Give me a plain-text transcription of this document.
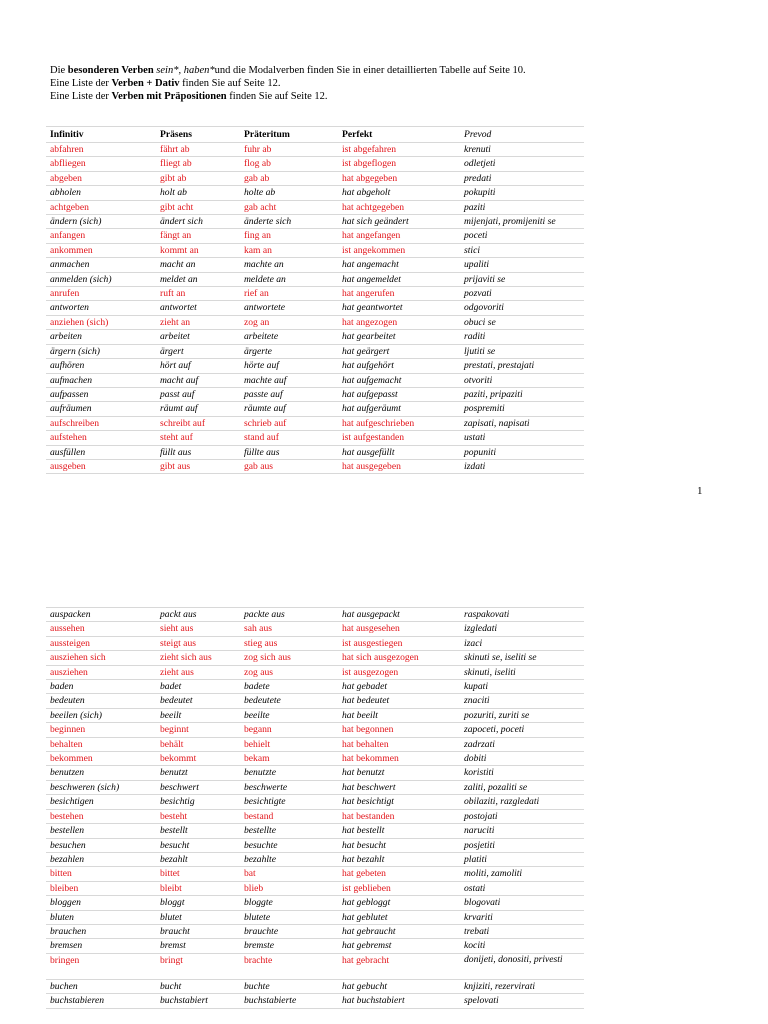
Die besonderen Verben sein*, haben*und die Modalverben finden Sie in einer detaillierten Tabelle auf Seite 10.
Eine Liste der Verben + Dativ finden Sie auf Seite 12.
Eine Liste der Verben mit Präpositionen finden Sie auf Seite 12.
Infinitiv	Präsens	Präteritum	Perfekt	Prevod
abfahren	fährt ab	fuhr ab	ist abgefahren	krenuti
abfliegen	fliegt ab	flog ab	ist abgeflogen	odletjeti
abgeben	gibt ab	gab ab	hat abgegeben	predati
abholen	holt ab	holte ab	hat abgeholt	pokupiti
achtgeben	gibt acht	gab acht	hat achtgegeben	paziti
ändern (sich)	ändert sich	änderte sich	hat sich geändert	mijenjati, promijeniti se
anfangen	fängt an	fing an	hat angefangen	poceti
ankommen	kommt an	kam an	ist angekommen	stici
anmachen	macht an	machte an	hat angemacht	upaliti
anmelden (sich)	meldet an	meldete an	hat angemeldet	prijaviti se
anrufen	ruft an	rief an	hat angerufen	pozvati
antworten	antwortet	antwortete	hat geantwortet	odgovoriti
anziehen (sich)	zieht an	zog an	hat angezogen	obuci se
arbeiten	arbeitet	arbeitete	hat gearbeitet	raditi
ärgern (sich)	ärgert	ärgerte	hat geärgert	ljutiti se
aufhören	hört auf	hörte auf	hat aufgehört	prestati, prestajati
aufmachen	macht auf	machte auf	hat aufgemacht	otvoriti
aufpassen	passt auf	passte auf	hat aufgepasst	paziti, pripaziti
aufräumen	räumt auf	räumte auf	hat aufgeräumt	pospremiti
aufschreiben	schreibt auf	schrieb auf	hat aufgeschrieben	zapisati, napisati
aufstehen	steht auf	stand auf	ist aufgestanden	ustati
ausfüllen	füllt aus	füllte aus	hat ausgefüllt	popuniti
ausgeben	gibt aus	gab aus	hat ausgegeben	izdati
1
auspacken	packt aus	packte aus	hat ausgepackt	raspakovati
aussehen	sieht aus	sah aus	hat ausgesehen	izgledati
aussteigen	steigt aus	stieg aus	ist ausgestiegen	izaci
ausziehen sich	zieht sich aus	zog sich aus	hat sich ausgezogen	skinuti se, iseliti se
ausziehen	zieht aus	zog aus	ist ausgezogen	skinuti, iseliti
baden	badet	badete	hat gebadet	kupati
bedeuten	bedeutet	bedeutete	hat bedeutet	znaciti
beeilen (sich)	beeilt	beeilte	hat beeilt	pozuriti, zuriti se
beginnen	beginnt	begann	hat begonnen	zapoceti, poceti
behalten	behält	behielt	hat behalten	zadrzati
bekommen	bekommt	bekam	hat bekommen	dobiti
benutzen	benutzt	benutzte	hat benutzt	koristiti
beschweren (sich)	beschwert	beschwerte	hat beschwert	zaliti, pozaliti se
besichtigen	besichtig	besichtigte	hat besichtigt	obilaziti, razgledati
bestehen	besteht	bestand	hat bestanden	postojati
bestellen	bestellt	bestellte	hat bestellt	naruciti
besuchen	besucht	besuchte	hat besucht	posjetiti
bezahlen	bezahlt	bezahlte	hat bezahlt	platiti
bitten	bittet	bat	hat gebeten	moliti, zamoliti
bleiben	bleibt	blieb	ist geblieben	ostati
bloggen	bloggt	bloggte	hat gebloggt	blogovati
bluten	blutet	blutete	hat geblutet	krvariti
brauchen	braucht	brauchte	hat gebraucht	trebati
bremsen	bremst	bremste	hat gebremst	kociti
bringen	bringt	brachte	hat gebracht	donijeti, donositi, privesti
buchen	bucht	buchte	hat gebucht	knjiziti, rezervirati
buchstabieren	buchstabiert	buchstabierte	hat buchstabiert	spelovati
